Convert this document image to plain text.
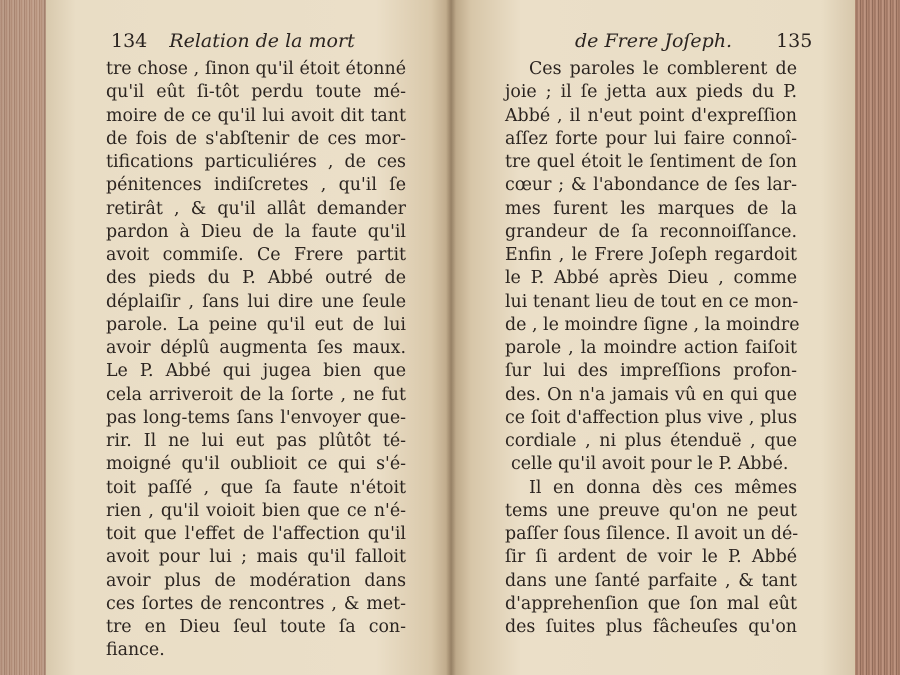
134 Relation de la mort
tre chose , ſinon qu'il étoit étonné
qu'il eût ſi-tôt perdu toute mé-
moire de ce qu'il lui avoit dit tant
de fois de s'abſtenir de ces mor-
tifications particuliéres , de ces
pénitences indiſcretes , qu'il ſe
retirât , & qu'il allât demander
pardon à Dieu de la faute qu'il
avoit commiſe. Ce Frere partit
des pieds du P. Abbé outré de
déplaiſir , ſans lui dire une ſeule
parole. La peine qu'il eut de lui
avoir déplû augmenta ſes maux.
Le P. Abbé qui jugea bien que
cela arriveroit de la ſorte , ne fut
pas long-tems ſans l'envoyer que-
rir. Il ne lui eut pas plûtôt té-
moigné qu'il oublioit ce qui s'é-
toit paſſé , que ſa faute n'étoit
rien , qu'il voioit bien que ce n'é-
toit que l'effet de l'affection qu'il
avoit pour lui ; mais qu'il falloit
avoir plus de modération dans
ces ſortes de rencontres , & met-
tre en Dieu ſeul toute ſa con-
fiance.
de Frere Joſeph. 135
Ces paroles le comblerent de
joie ; il ſe jetta aux pieds du P.
Abbé , il n'eut point d'expreſſion
aſſez forte pour lui faire connoî-
tre quel étoit le ſentiment de ſon
cœur ; & l'abondance de ſes lar-
mes furent les marques de la
grandeur de ſa reconnoiſſance.
Enfin , le Frere Joſeph regardoit
le P. Abbé après Dieu , comme
lui tenant lieu de tout en ce mon-
de , le moindre ſigne , la moindre
parole , la moindre action faiſoit
ſur lui des impreſſions profon-
des. On n'a jamais vû en qui que
ce ſoit d'affection plus vive , plus
cordiale , ni plus étenduë , que
celle qu'il avoit pour le P. Abbé.
Il en donna dès ces mêmes
tems une preuve qu'on ne peut
paſſer ſous ſilence. Il avoit un dé-
ſir ſi ardent de voir le P. Abbé
dans une ſanté parfaite , & tant
d'apprehenſion que ſon mal eût
des ſuites plus fâcheuſes qu'on
